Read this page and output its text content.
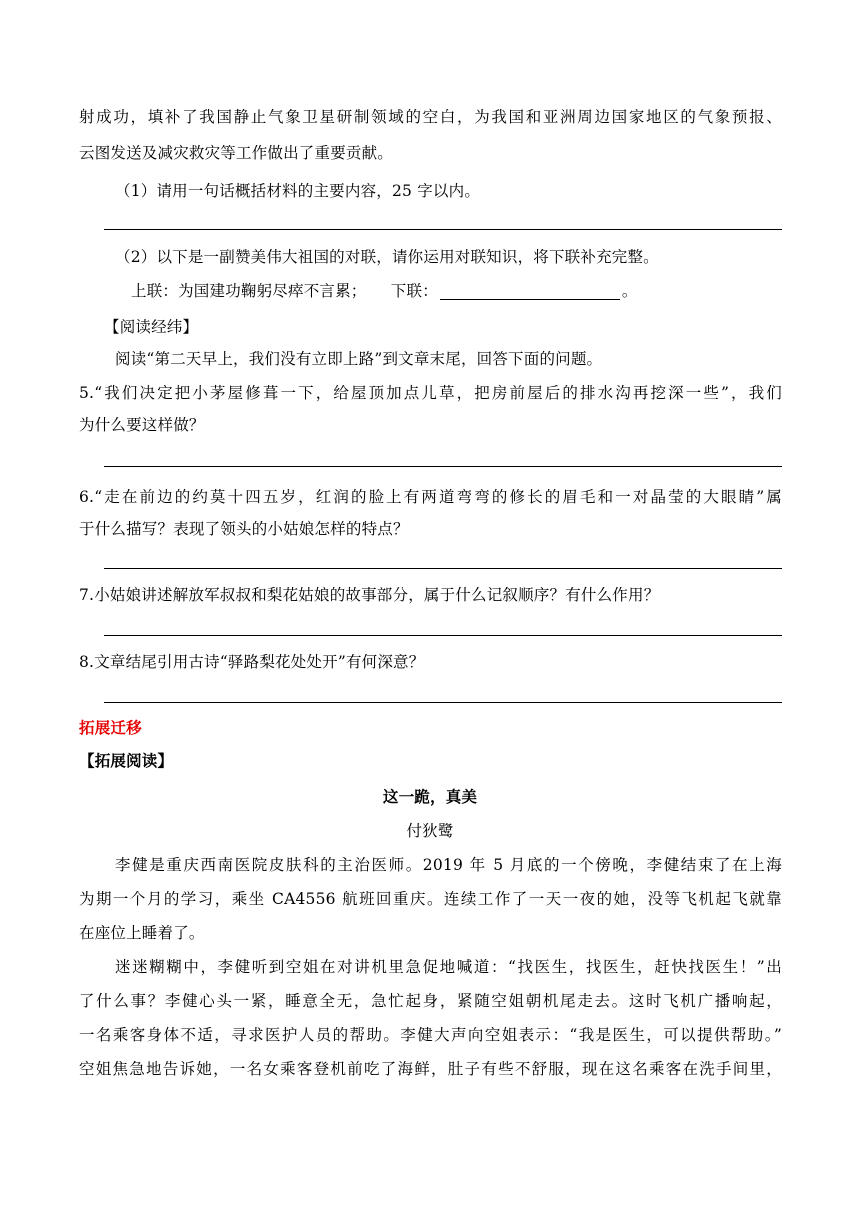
射成功，填补了我国静止气象卫星研制领域的空白，为我国和亚洲周边国家地区的气象预报、
云图发送及减灾救灾等工作做出了重要贡献。
（1）请用一句话概括材料的主要内容，25 字以内。
（2）以下是一副赞美伟大祖国的对联，请你运用对联知识，将下联补充完整。
上联：为国建功鞠躬尽瘁不言累； 下联：	。
【阅读经纬】
阅读“第二天早上，我们没有立即上路”到文章末尾，回答下面的问题。
5.“我们决定把小茅屋修葺一下，给屋顶加点儿草，把房前屋后的排水沟再挖深一些”，我们
为什么要这样做？
6.“走在前边的约莫十四五岁，红润的脸上有两道弯弯的修长的眉毛和一对晶莹的大眼睛”属
于什么描写？表现了领头的小姑娘怎样的特点？
7.小姑娘讲述解放军叔叔和梨花姑娘的故事部分，属于什么记叙顺序？有什么作用？
8.文章结尾引用古诗“驿路梨花处处开”有何深意？
拓展迁移
【拓展阅读】
这一跪，真美
付狄鹭
李健是重庆西南医院皮肤科的主治医师。2019 年 5 月底的一个傍晚，李健结束了在上海
为期一个月的学习，乘坐 CA4556 航班回重庆。连续工作了一天一夜的她，没等飞机起飞就靠
在座位上睡着了。
迷迷糊糊中，李健听到空姐在对讲机里急促地喊道：“找医生，找医生，赶快找医生！”出
了什么事？李健心头一紧，睡意全无，急忙起身，紧随空姐朝机尾走去。这时飞机广播响起，
一名乘客身体不适，寻求医护人员的帮助。李健大声向空姐表示：“我是医生，可以提供帮助。”
空姐焦急地告诉她，一名女乘客登机前吃了海鲜，肚子有些不舒服，现在这名乘客在洗手间里，
